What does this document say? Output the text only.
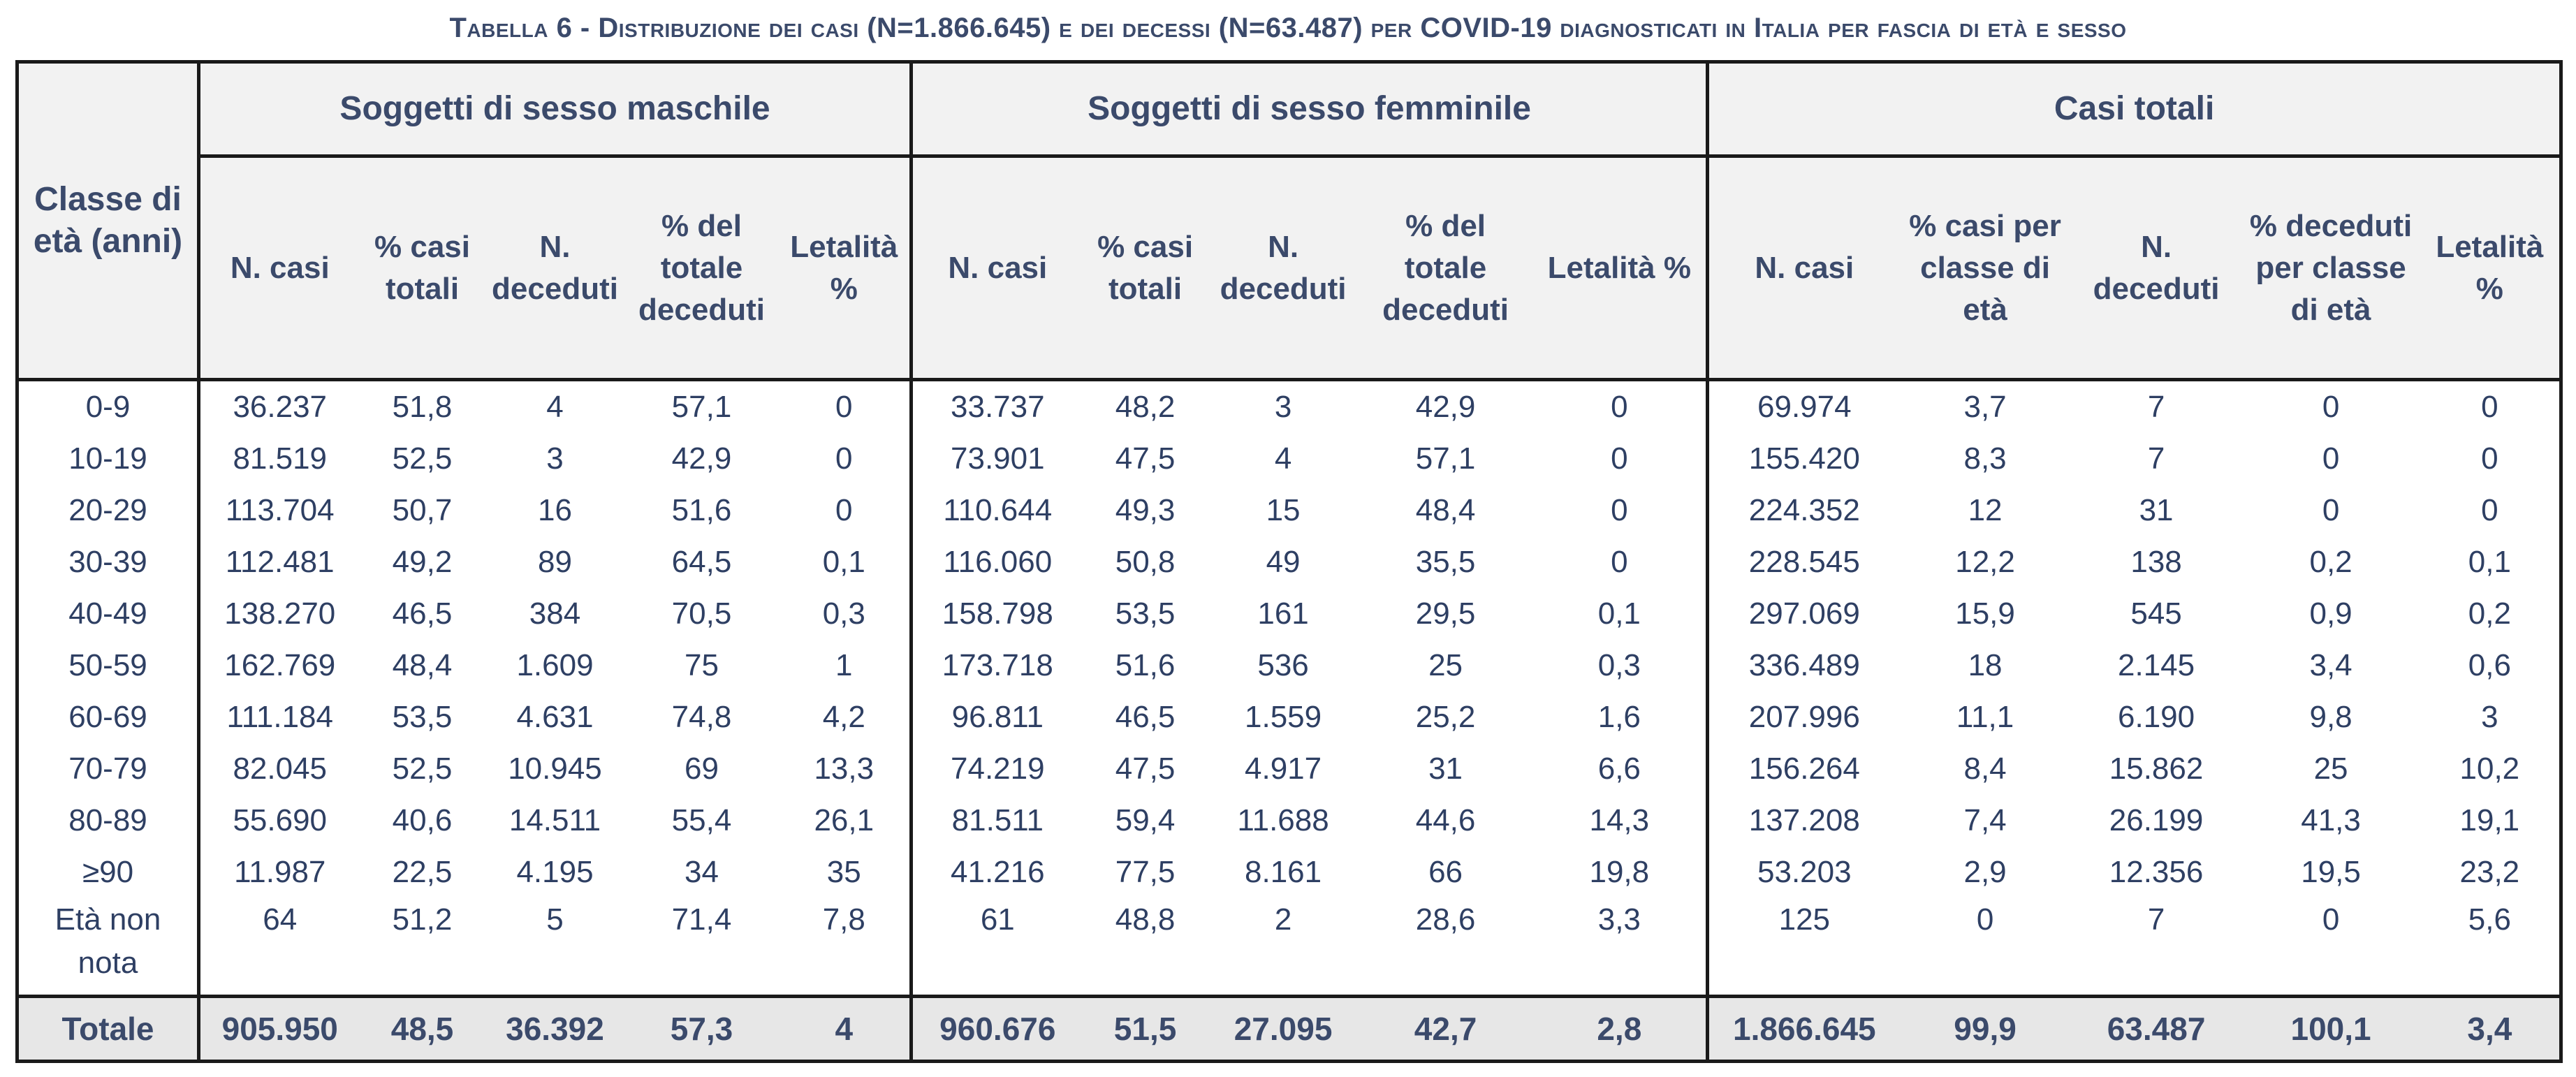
Tabella 6 - Distribuzione dei casi (N=1.866.645) e dei decessi (N=63.487) per COVID-19 diagnosticati in Italia per fascia di età e sesso
Classe di età (anni)	Soggetti di sesso maschile					Soggetti di sesso femminile					Casi totali				
	N. casi	% casi totali	N. deceduti	% del totale deceduti	Letalità %	N. casi	% casi totali	N. deceduti	% del totale deceduti	Letalità %	N. casi	% casi per classe di età	N. deceduti	% deceduti per classe di età	Letalità %
0-9	36.237	51,8	4	57,1	0	33.737	48,2	3	42,9	0	69.974	3,7	7	0	0
10-19	81.519	52,5	3	42,9	0	73.901	47,5	4	57,1	0	155.420	8,3	7	0	0
20-29	113.704	50,7	16	51,6	0	110.644	49,3	15	48,4	0	224.352	12	31	0	0
30-39	112.481	49,2	89	64,5	0,1	116.060	50,8	49	35,5	0	228.545	12,2	138	0,2	0,1
40-49	138.270	46,5	384	70,5	0,3	158.798	53,5	161	29,5	0,1	297.069	15,9	545	0,9	0,2
50-59	162.769	48,4	1.609	75	1	173.718	51,6	536	25	0,3	336.489	18	2.145	3,4	0,6
60-69	111.184	53,5	4.631	74,8	4,2	96.811	46,5	1.559	25,2	1,6	207.996	11,1	6.190	9,8	3
70-79	82.045	52,5	10.945	69	13,3	74.219	47,5	4.917	31	6,6	156.264	8,4	15.862	25	10,2
80-89	55.690	40,6	14.511	55,4	26,1	81.511	59,4	11.688	44,6	14,3	137.208	7,4	26.199	41,3	19,1
≥90	11.987	22,5	4.195	34	35	41.216	77,5	8.161	66	19,8	53.203	2,9	12.356	19,5	23,2
Età non nota	64	51,2	5	71,4	7,8	61	48,8	2	28,6	3,3	125	0	7	0	5,6
Totale	905.950	48,5	36.392	57,3	4	960.676	51,5	27.095	42,7	2,8	1.866.645	99,9	63.487	100,1	3,4
